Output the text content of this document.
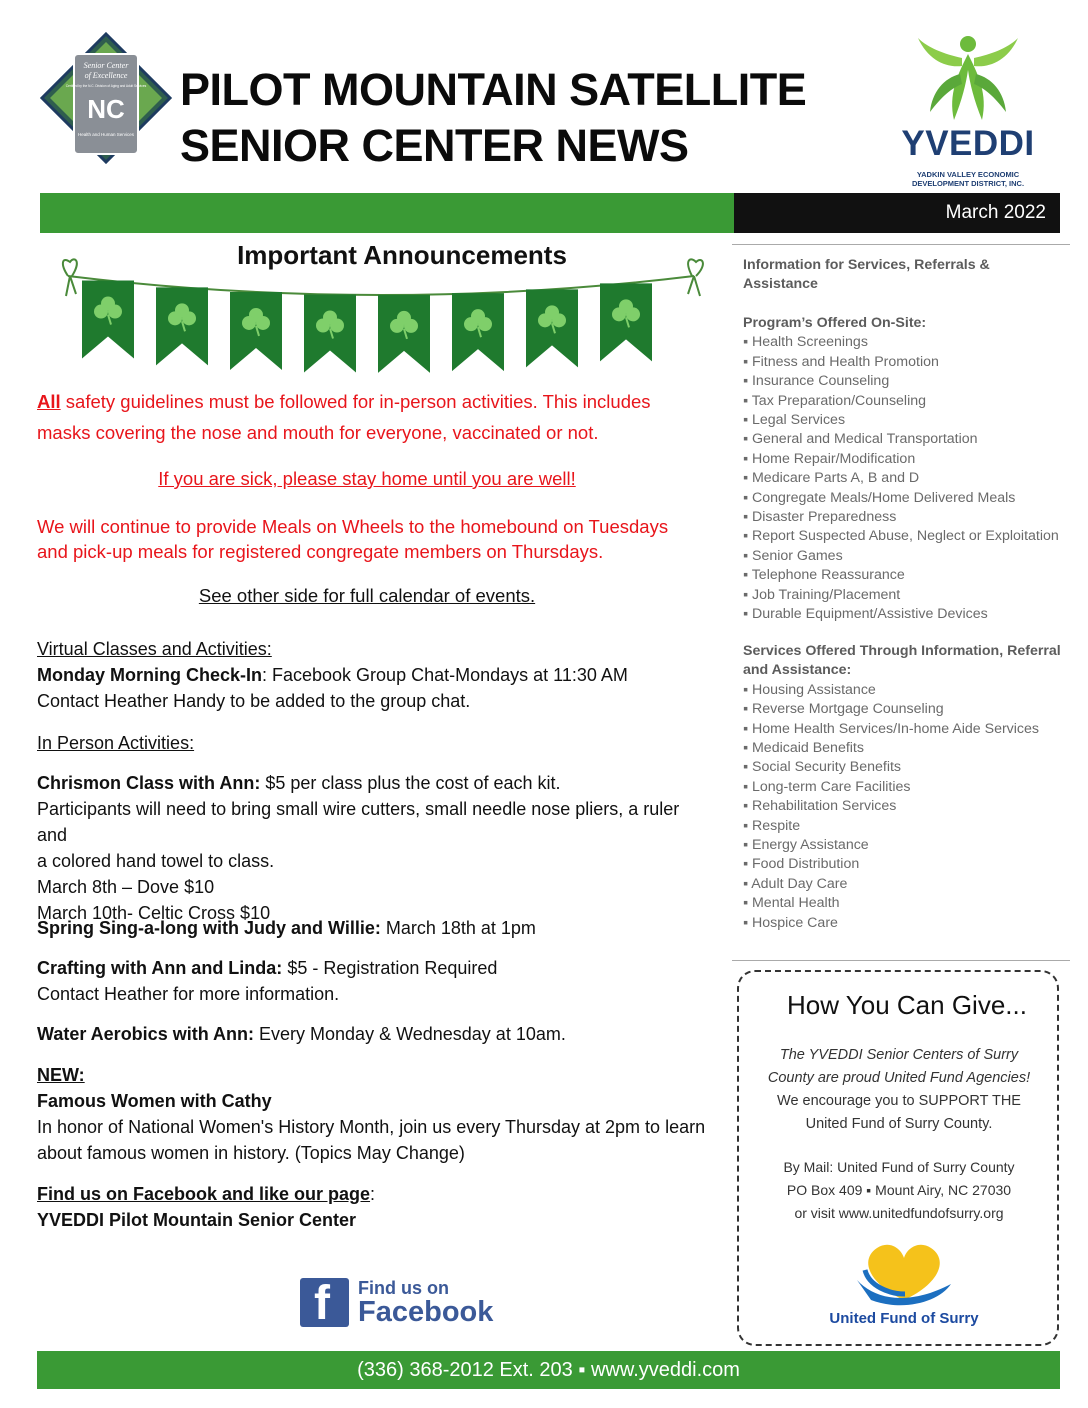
Senior Center
of Excellence
Certified by the N.C. Division of Aging and Adult Services
NC
Health and Human Services
PILOT MOUNTAIN SATELLITE
SENIOR CENTER NEWS	YVEDDI
YADKIN VALLEY ECONOMIC
DEVELOPMENT DISTRICT, INC.
March 2022
Important Announcements
All safety guidelines must be followed for in-person activities. This includes
masks covering the nose and mouth for everyone, vaccinated or not.
If you are sick, please stay home until you are well!
We will continue to provide Meals on Wheels to the homebound on Tuesdays
and pick-up meals for registered congregate members on Thursdays.
See other side for full calendar of events.
Virtual Classes and Activities:
Monday Morning Check-In: Facebook Group Chat-Mondays at 11:30 AM
Contact Heather Handy to be added to the group chat.
In Person Activities:
Chrismon Class with Ann: $5 per class plus the cost of each kit.
Participants will need to bring small wire cutters, small needle nose pliers, a ruler and
a colored hand towel to class.
March 8th – Dove $10
March 10th- Celtic Cross $10
Spring Sing-a-long with Judy and Willie: March 18th at 1pm
Crafting with Ann and Linda: $5 - Registration Required
Contact Heather for more information.
Water Aerobics with Ann: Every Monday & Wednesday at 10am.
NEW:
Famous Women with Cathy
In honor of National Women's History Month, join us every Thursday at 2pm to learn
about famous women in history. (Topics May Change)
Find us on Facebook and like our page:
YVEDDI Pilot Mountain Senior Center
f Find us on
Facebook
Information for Services, Referrals & Assistance
Program’s Offered On-Site:
▪ Health Screenings
▪ Fitness and Health Promotion
▪ Insurance Counseling
▪ Tax Preparation/Counseling
▪ Legal Services
▪ General and Medical Transportation
▪ Home Repair/Modification
▪ Medicare Parts A, B and D
▪ Congregate Meals/Home Delivered Meals
▪ Disaster Preparedness
▪ Report Suspected Abuse, Neglect or Exploitation
▪ Senior Games
▪ Telephone Reassurance
▪ Job Training/Placement
▪ Durable Equipment/Assistive Devices
Services Offered Through Information, Referral and Assistance:
▪ Housing Assistance
▪ Reverse Mortgage Counseling
▪ Home Health Services/In-home Aide Services
▪ Medicaid Benefits
▪ Social Security Benefits
▪ Long-term Care Facilities
▪ Rehabilitation Services
▪ Respite
▪ Energy Assistance
▪ Food Distribution
▪ Adult Day Care
▪ Mental Health
▪ Hospice Care
How You Can Give...
The YVEDDI Senior Centers of Surry
County are proud United Fund Agencies!
We encourage you to SUPPORT THE
United Fund of Surry County.
By Mail: United Fund of Surry County
PO Box 409 ▪ Mount Airy, NC 27030
or visit www.unitedfundofsurry.org
United Fund of Surry
(336) 368-2012 Ext. 203 ▪ www.yveddi.com
